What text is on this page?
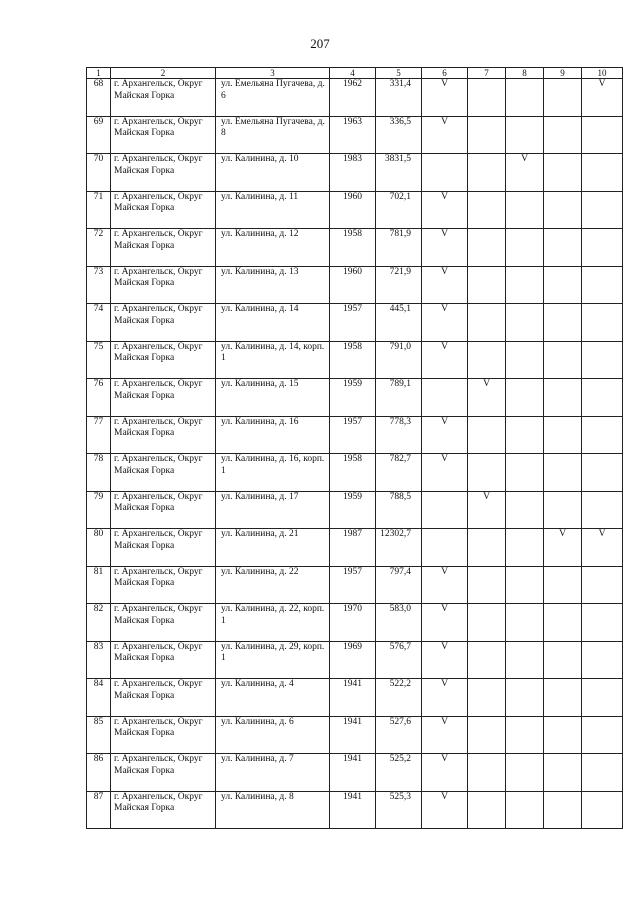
207
1	2	3	4	5	6	7	8	9	10
68	г. Архангельск, Округ Майская Горка	ул. Емельяна Пугачева, д. 6	1962	331,4	V				V
69	г. Архангельск, Округ Майская Горка	ул. Емельяна Пугачева, д. 8	1963	336,5	V				
70	г. Архангельск, Округ Майская Горка	ул. Калинина, д. 10	1983	3831,5			V		
71	г. Архангельск, Округ Майская Горка	ул. Калинина, д. 11	1960	702,1	V				
72	г. Архангельск, Округ Майская Горка	ул. Калинина, д. 12	1958	781,9	V				
73	г. Архангельск, Округ Майская Горка	ул. Калинина, д. 13	1960	721,9	V				
74	г. Архангельск, Округ Майская Горка	ул. Калинина, д. 14	1957	445,1	V				
75	г. Архангельск, Округ Майская Горка	ул. Калинина, д. 14, корп. 1	1958	791,0	V				
76	г. Архангельск, Округ Майская Горка	ул. Калинина, д. 15	1959	789,1		V			
77	г. Архангельск, Округ Майская Горка	ул. Калинина, д. 16	1957	778,3	V				
78	г. Архангельск, Округ Майская Горка	ул. Калинина, д. 16, корп. 1	1958	782,7	V				
79	г. Архангельск, Округ Майская Горка	ул. Калинина, д. 17	1959	788,5		V			
80	г. Архангельск, Округ Майская Горка	ул. Калинина, д. 21	1987	12302,7				V	V
81	г. Архангельск, Округ Майская Горка	ул. Калинина, д. 22	1957	797,4	V				
82	г. Архангельск, Округ Майская Горка	ул. Калинина, д. 22, корп. 1	1970	583,0	V				
83	г. Архангельск, Округ Майская Горка	ул. Калинина, д. 29, корп. 1	1969	576,7	V				
84	г. Архангельск, Округ Майская Горка	ул. Калинина, д. 4	1941	522,2	V				
85	г. Архангельск, Округ Майская Горка	ул. Калинина, д. 6	1941	527,6	V				
86	г. Архангельск, Округ Майская Горка	ул. Калинина, д. 7	1941	525,2	V				
87	г. Архангельск, Округ Майская Горка	ул. Калинина, д. 8	1941	525,3	V				
